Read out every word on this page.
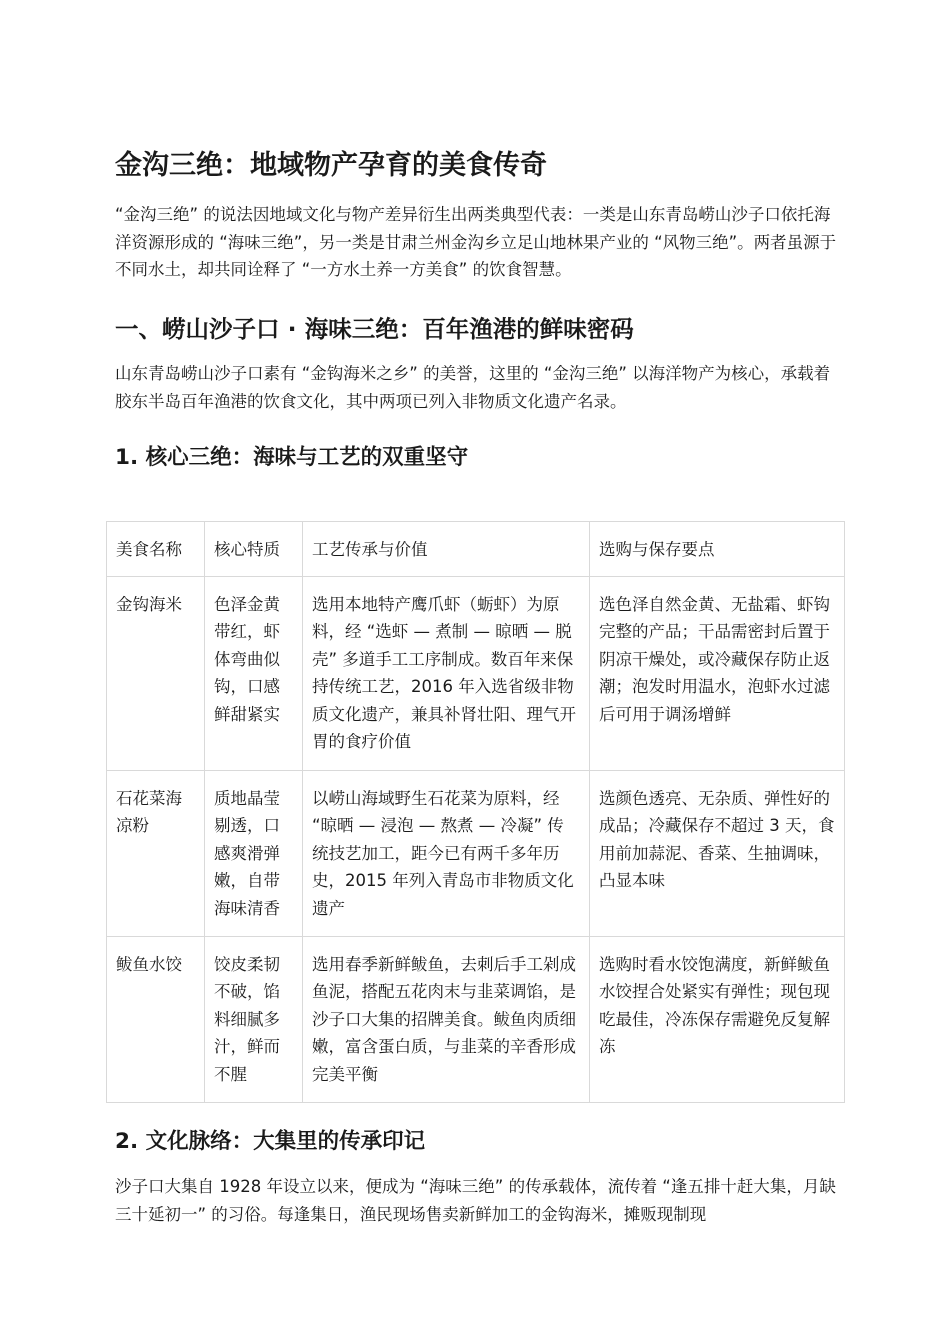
金沟三绝：地域物产孕育的美食传奇

“金沟三绝” 的说法因地域文化与物产差异衍生出两类典型代表：一类是山东青岛崂山沙子口依托海洋资源形成的 “海味三绝”，另一类是甘肃兰州金沟乡立足山地林果产业的 “风物三绝”。两者虽源于不同水土，却共同诠释了 “一方水土养一方美食” 的饮食智慧。

一、崂山沙子口 · 海味三绝：百年渔港的鲜味密码

山东青岛崂山沙子口素有 “金钩海米之乡” 的美誉，这里的 “金沟三绝” 以海洋物产为核心，承载着胶东半岛百年渔港的饮食文化，其中两项已列入非物质文化遗产名录。

1. 核心三绝：海味与工艺的双重坚守
美食名称	核心特质	工艺传承与价值	选购与保存要点
金钩海米	色泽金黄带红，虾体弯曲似钩，口感鲜甜紧实	选用本地特产鹰爪虾（蛎虾）为原料，经 “选虾 — 煮制 — 晾晒 — 脱壳” 多道手工工序制成。数百年来保持传统工艺，2016 年入选省级非物质文化遗产，兼具补肾壮阳、理气开胃的食疗价值	选色泽自然金黄、无盐霜、虾钩完整的产品；干品需密封后置于阴凉干燥处，或冷藏保存防止返潮；泡发时用温水，泡虾水过滤后可用于调汤增鲜
石花菜海凉粉	质地晶莹剔透，口感爽滑弹嫩，自带海味清香	以崂山海域野生石花菜为原料，经 “晾晒 — 浸泡 — 熬煮 — 冷凝” 传统技艺加工，距今已有两千多年历史，2015 年列入青岛市非物质文化遗产	选颜色透亮、无杂质、弹性好的成品；冷藏保存不超过 3 天，食用前加蒜泥、香菜、生抽调味，凸显本味
鲅鱼水饺	饺皮柔韧不破，馅料细腻多汁，鲜而不腥	选用春季新鲜鲅鱼，去刺后手工剁成鱼泥，搭配五花肉末与韭菜调馅，是沙子口大集的招牌美食。鲅鱼肉质细嫩，富含蛋白质，与韭菜的辛香形成完美平衡	选购时看水饺饱满度，新鲜鲅鱼水饺捏合处紧实有弹性；现包现吃最佳，冷冻保存需避免反复解冻
2. 文化脉络：大集里的传承印记

沙子口大集自 1928 年设立以来，便成为 “海味三绝” 的传承载体，流传着 “逢五排十赶大集，月缺三十延初一” 的习俗。每逢集日，渔民现场售卖新鲜加工的金钩海米，摊贩现制现
